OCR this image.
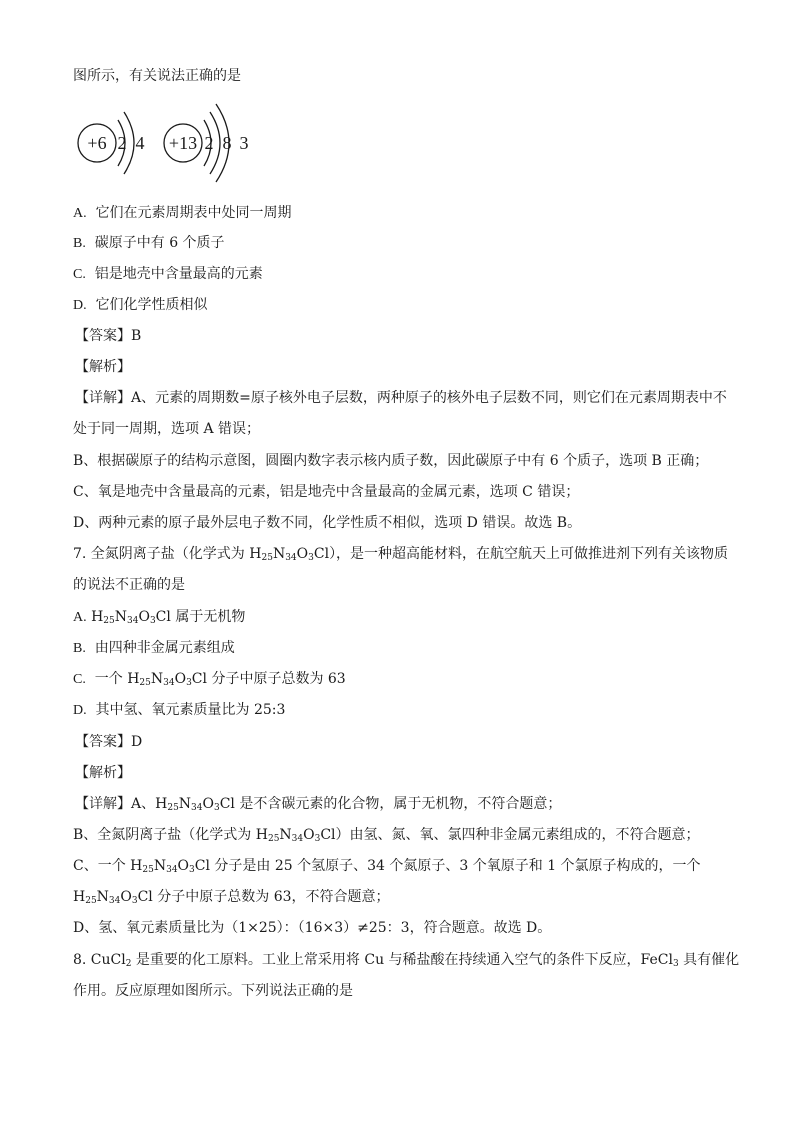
图所示，有关说法正确的是
+6 2 4 +13 2 8 3
A. 它们在元素周期表中处同一周期
B. 碳原子中有 6 个质子
C. 铝是地壳中含量最高的元素
D. 它们化学性质相似
【答案】B
【解析】
【详解】A、元素的周期数=原子核外电子层数，两种原子的核外电子层数不同，则它们在元素周期表中不
处于同一周期，选项 A 错误；
B、根据碳原子的结构示意图，圆圈内数字表示核内质子数，因此碳原子中有 6 个质子，选项 B 正确；
C、氧是地壳中含量最高的元素，铝是地壳中含量最高的金属元素，选项 C 错误；
D、两种元素的原子最外层电子数不同，化学性质不相似，选项 D 错误。故选 B。
7. 全氮阴离子盐（化学式为 $H_{25}N_{34}O_3Cl$），是一种超高能材料，在航空航天上可做推进剂下列有关该物质
的说法不正确的是
A. $H_{25}N_{34}O_3Cl$ 属于无机物
B. 由四种非金属元素组成
C. 一个 $H_{25}N_{34}O_3Cl$ 分子中原子总数为 63
D. 其中氢、氧元素质量比为 25:3
【答案】D
【解析】
【详解】A、$H_{25}N_{34}O_3Cl$ 是不含碳元素的化合物，属于无机物，不符合题意；
B、全氮阴离子盐（化学式为 $H_{25}N_{34}O_3Cl$）由氢、氮、氧、氯四种非金属元素组成的，不符合题意；
C、一个 $H_{25}N_{34}O_3Cl$ 分子是由 25 个氢原子、34 个氮原子、3 个氧原子和 1 个氯原子构成的，一个
$H_{25}N_{34}O_3Cl$ 分子中原子总数为 63，不符合题意；
D、氢、氧元素质量比为（1×25）：（16×3）≠25：3，符合题意。故选 D。
8. CuCl$_2$ 是重要的化工原料。工业上常采用将 Cu 与稀盐酸在持续通入空气的条件下反应，FeCl$_3$ 具有催化
作用。反应原理如图所示。下列说法正确的是
